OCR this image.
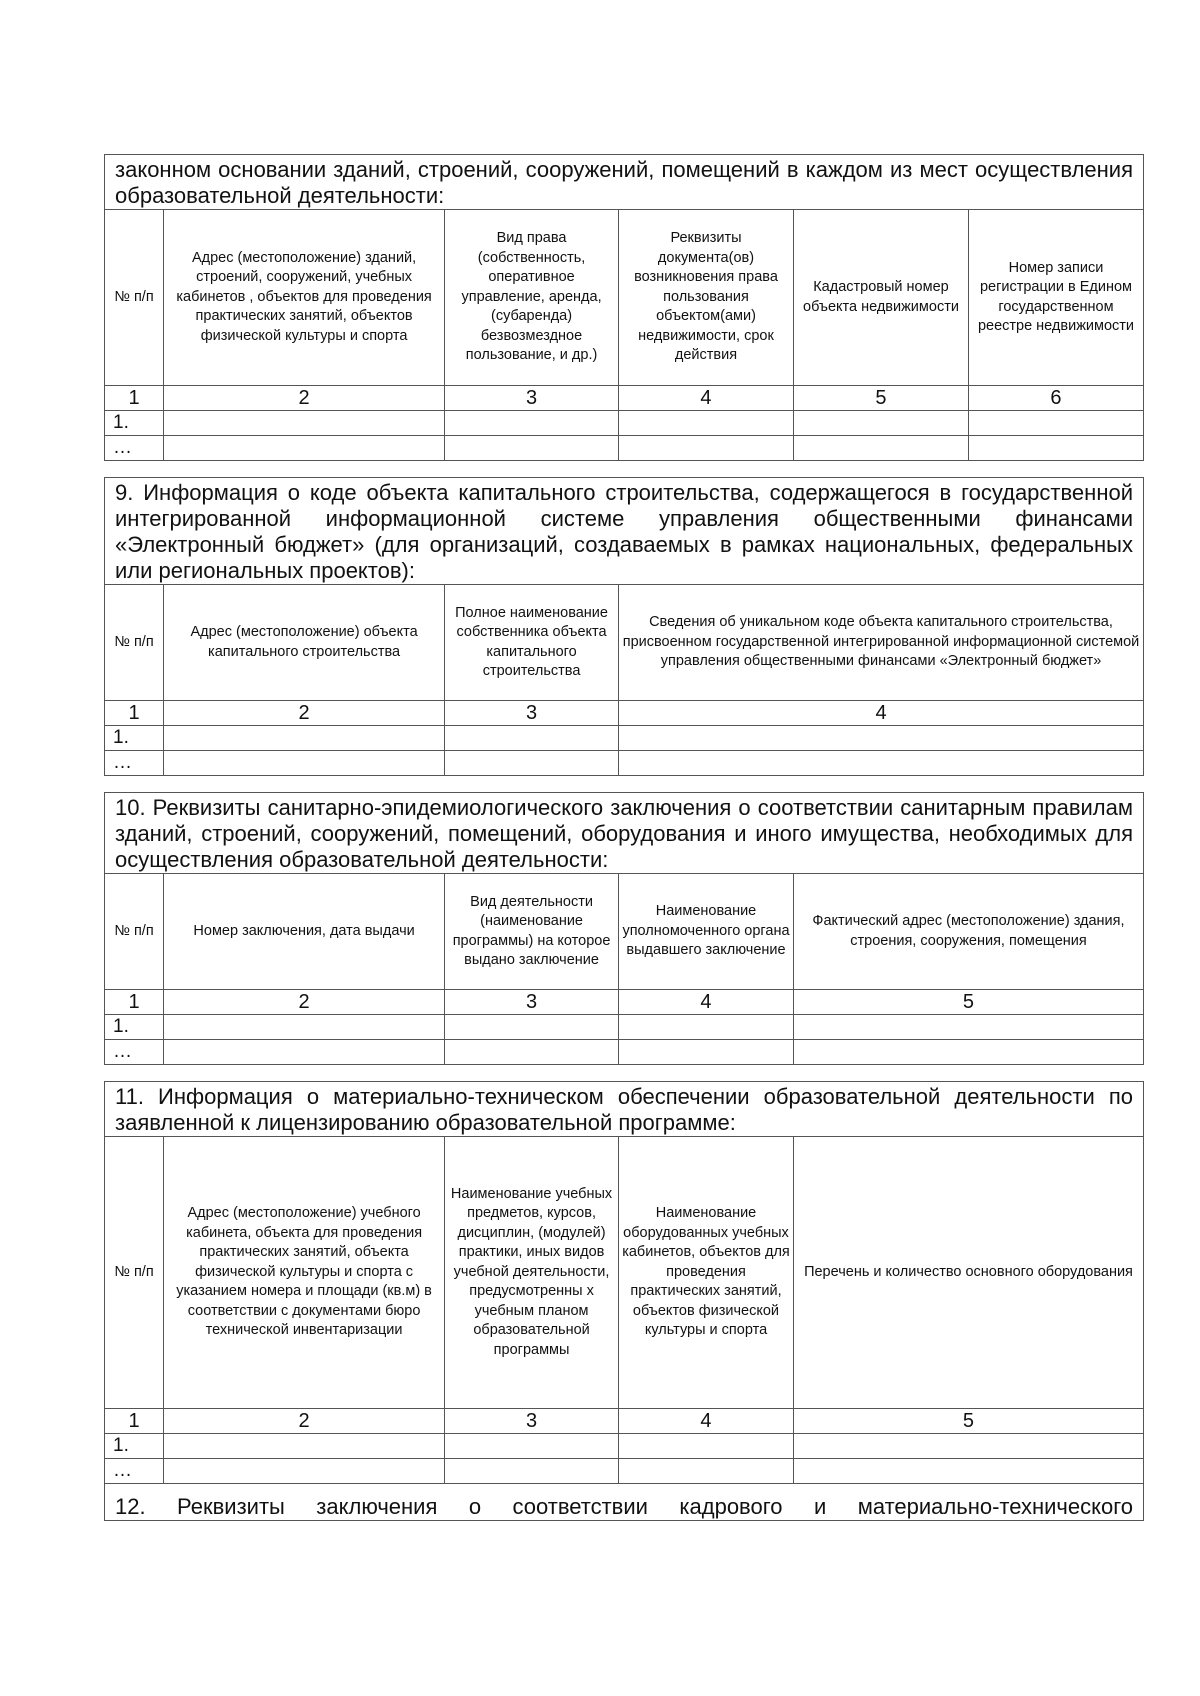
законном основании зданий, строений, сооружений, помещений в каждом из мест осуществления образовательной деятельности:
№ п/п	Адрес (местоположение) зданий, строений, сооружений, учебных кабинетов , объектов для проведения практических занятий, объектов физической культуры и спорта	Вид права (собственность, оперативное управление, аренда, (субаренда) безвозмездное пользование, и др.)	Реквизиты документа(ов) возникновения права пользования объектом(ами) недвижимости, срок действия	Кадастровый номер объекта недвижимости	Номер записи регистрации в Едином государственном реестре недвижимости
1	2	3	4	5	6
1.					
…					
9. Информация о коде объекта капитального строительства, содержащегося в государственной интегрированной информационной системе управления общественными финансами «Электронный бюджет» (для организаций, создаваемых в рамках национальных, федеральных или региональных проектов):
№ п/п	Адрес (местоположение) объекта капитального строительства	Полное наименование собственника объекта капитального строительства	Сведения об уникальном коде объекта капитального строительства, присвоенном государственной интегрированной информационной системой управления общественными финансами «Электронный бюджет»
1	2	3	4
1.			
…			
10. Реквизиты санитарно-эпидемиологического заключения о соответствии санитарным правилам зданий, строений, сооружений, помещений, оборудования и иного имущества, необходимых для осуществления образовательной деятельности:
№ п/п	Номер заключения, дата выдачи	Вид деятельности (наименование программы) на которое выдано заключение	Наименование уполномоченного органа выдавшего заключение	Фактический адрес (местоположение) здания, строения, сооружения, помещения
1	2	3	4	5
1.				
…				
11. Информация о материально-техническом обеспечении образовательной деятельности по заявленной к лицензированию образовательной программе:
№ п/п	Адрес (местоположение) учебного кабинета, объекта для проведения практических занятий, объекта физической культуры и спорта с указанием номера и площади (кв.м) в соответствии с документами бюро технической инвентаризации	Наименование учебных предметов, курсов, дисциплин, (модулей) практики, иных видов учебной деятельности, предусмотренны х учебным планом образовательной программы	Наименование оборудованных учебных кабинетов, объектов для проведения практических занятий, объектов физической культуры и спорта	Перечень и количество основного оборудования
1	2	3	4	5
1.				
…				
12. Реквизиты заключения о соответствии кадрового и материально-технического
